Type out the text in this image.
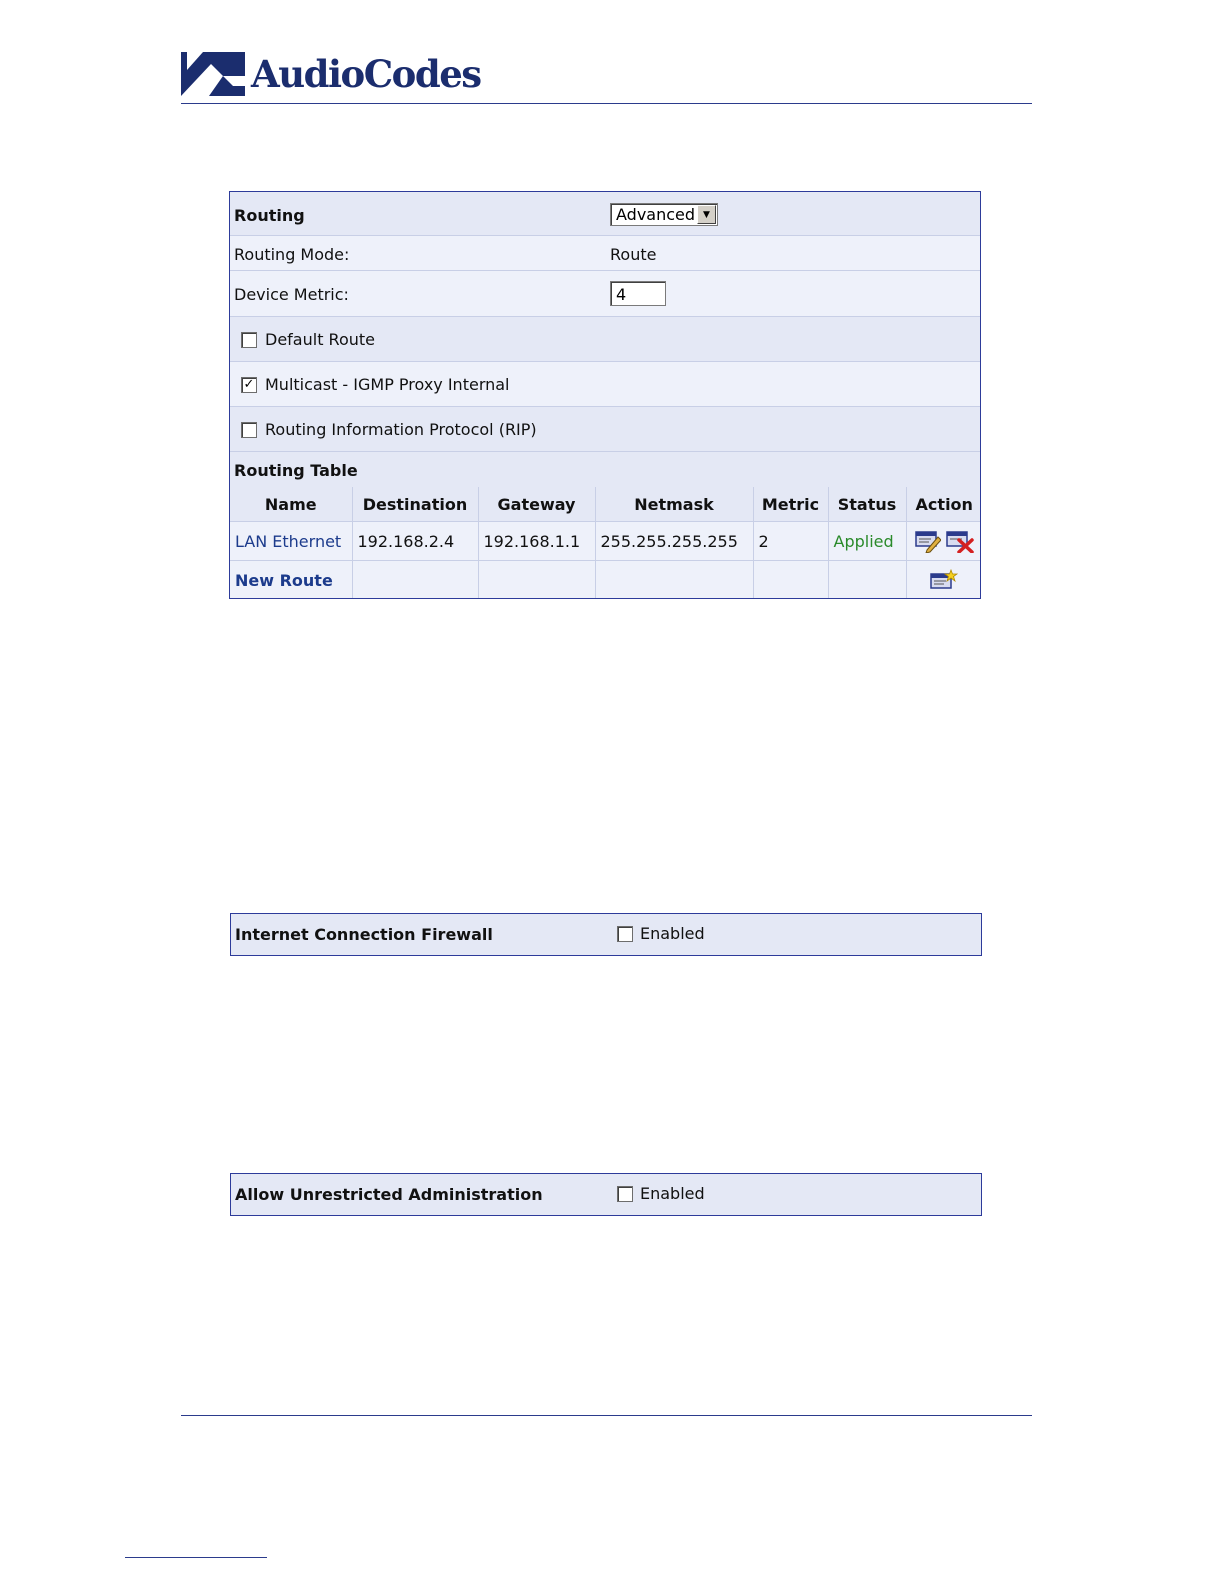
AudioCodes
Routing	Advanced ▼
Routing Mode:	Route
Device Metric:
4
Default Route
✓ Multicast - IGMP Proxy Internal
Routing Information Protocol (RIP)
Routing Table
Name	Destination	Gateway	Netmask	Metric	Status	Action
LAN Ethernet	192.168.2.4	192.168.1.1	255.255.255.255	2	Applied	
New Route						
Internet Connection Firewall	Enabled
Allow Unrestricted Administration	Enabled
